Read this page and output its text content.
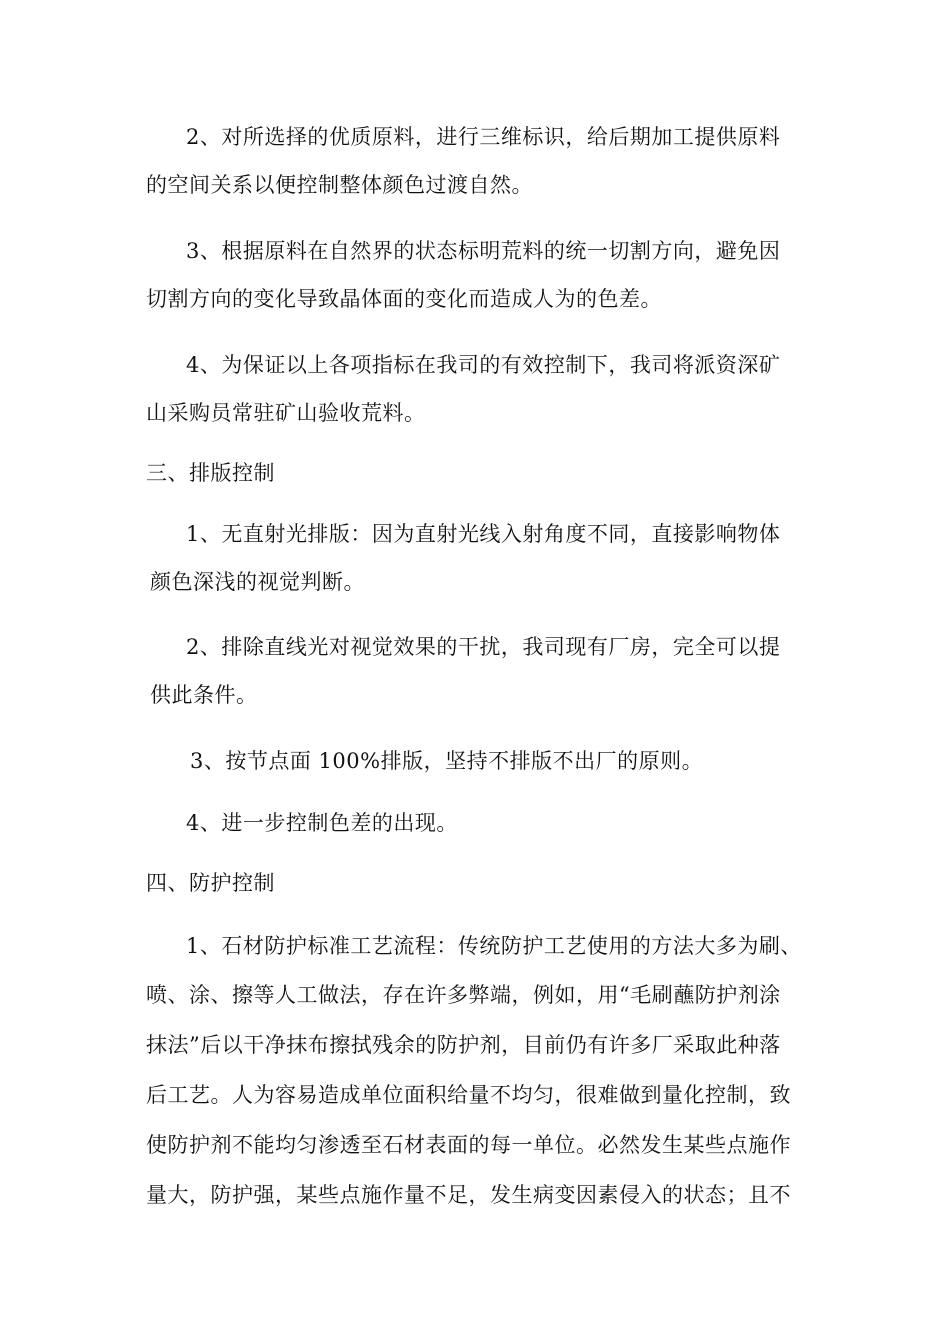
2、对所选择的优质原料，进行三维标识，给后期加工提供原料
的空间关系以便控制整体颜色过渡自然。
3、根据原料在自然界的状态标明荒料的统一切割方向，避免因
切割方向的变化导致晶体面的变化而造成人为的色差。
4、为保证以上各项指标在我司的有效控制下，我司将派资深矿
山采购员常驻矿山验收荒料。
三、排版控制
1、无直射光排版：因为直射光线入射角度不同，直接影响物体
颜色深浅的视觉判断。
2、排除直线光对视觉效果的干扰，我司现有厂房，完全可以提
供此条件。
3、按节点面 100%排版，坚持不排版不出厂的原则。
4、进一步控制色差的出现。
四、防护控制
1、石材防护标准工艺流程：传统防护工艺使用的方法大多为刷、
喷、涂、擦等人工做法，存在许多弊端，例如，用“毛刷蘸防护剂涂
抹法”后以干净抹布擦拭残余的防护剂，目前仍有许多厂采取此种落
后工艺。人为容易造成单位面积给量不均匀，很难做到量化控制，致
使防护剂不能均匀渗透至石材表面的每一单位。必然发生某些点施作
量大，防护强，某些点施作量不足，发生病变因素侵入的状态；且不
